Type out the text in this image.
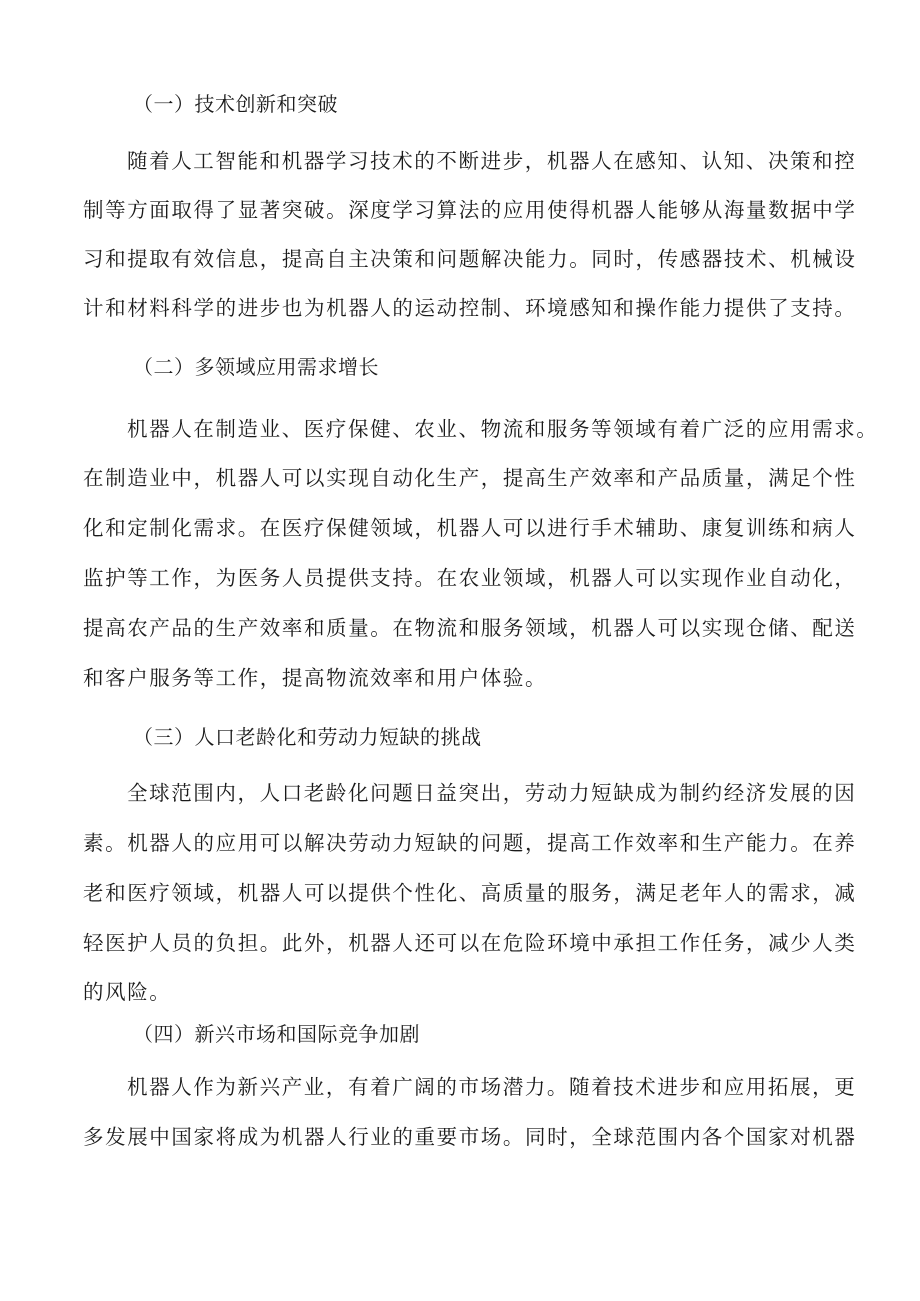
（一）技术创新和突破
随着人工智能和机器学习技术的不断进步，机器人在感知、认知、决策和控
制等方面取得了显著突破。深度学习算法的应用使得机器人能够从海量数据中学
习和提取有效信息，提高自主决策和问题解决能力。同时，传感器技术、机械设
计和材料科学的进步也为机器人的运动控制、环境感知和操作能力提供了支持。
（二）多领域应用需求增长
机器人在制造业、医疗保健、农业、物流和服务等领域有着广泛的应用需求。
在制造业中，机器人可以实现自动化生产，提高生产效率和产品质量，满足个性
化和定制化需求。在医疗保健领域，机器人可以进行手术辅助、康复训练和病人
监护等工作，为医务人员提供支持。在农业领域，机器人可以实现作业自动化，
提高农产品的生产效率和质量。在物流和服务领域，机器人可以实现仓储、配送
和客户服务等工作，提高物流效率和用户体验。
（三）人口老龄化和劳动力短缺的挑战
全球范围内，人口老龄化问题日益突出，劳动力短缺成为制约经济发展的因
素。机器人的应用可以解决劳动力短缺的问题，提高工作效率和生产能力。在养
老和医疗领域，机器人可以提供个性化、高质量的服务，满足老年人的需求，减
轻医护人员的负担。此外，机器人还可以在危险环境中承担工作任务，减少人类
的风险。
（四）新兴市场和国际竞争加剧
机器人作为新兴产业，有着广阔的市场潜力。随着技术进步和应用拓展，更
多发展中国家将成为机器人行业的重要市场。同时，全球范围内各个国家对机器
